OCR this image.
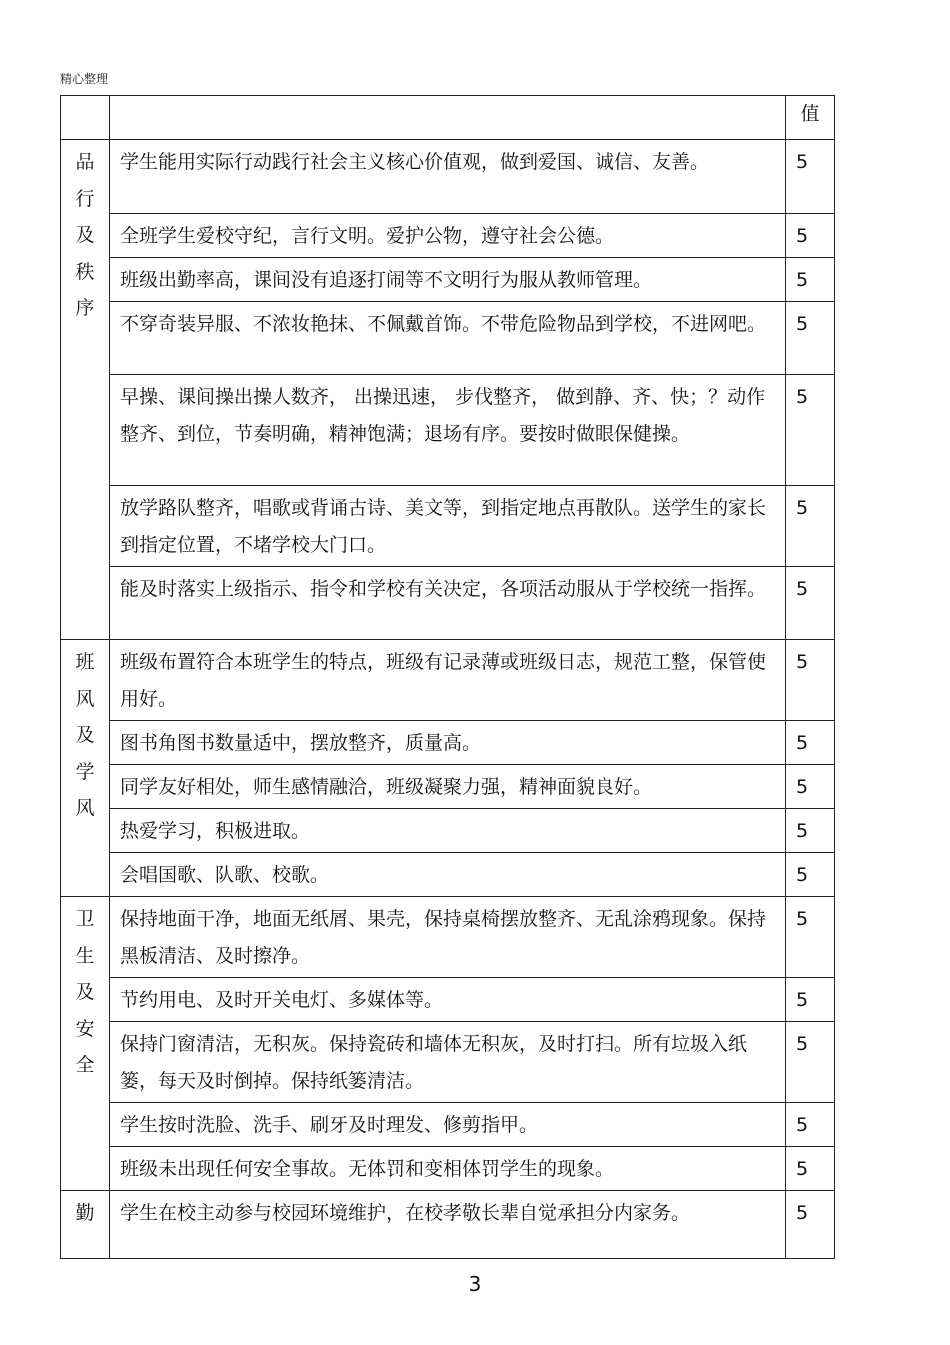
精心整理
		值

品
行
及
秩
序	学生能用实际行动践行社会主义核心价值观，做到爱国、诚信、友善。	5
	全班学生爱校守纪，言行文明。爱护公物，遵守社会公德。	5
	班级出勤率高，课间没有追逐打闹等不文明行为服从教师管理。	5
	不穿奇装异服、不浓妆艳抹、不佩戴首饰。不带危险物品到学校，不进网吧。	5
	早操、课间操出操人数齐， 出操迅速， 步伐整齐， 做到静、齐、快；？动作整齐、到位，节奏明确，精神饱满；退场有序。要按时做眼保健操。	5
	放学路队整齐，唱歌或背诵古诗、美文等，到指定地点再散队。送学生的家长到指定位置，不堵学校大门口。	5
	能及时落实上级指示、指令和学校有关决定，各项活动服从于学校统一指挥。	5

班
风
及
学
风	班级布置符合本班学生的特点，班级有记录薄或班级日志，规范工整，保管使用好。	5
	图书角图书数量适中，摆放整齐，质量高。	5
	同学友好相处，师生感情融洽，班级凝聚力强，精神面貌良好。	5
	热爱学习，积极进取。	5
	会唱国歌、队歌、校歌。	5

卫
生
及
安
全	保持地面干净，地面无纸屑、果壳，保持桌椅摆放整齐、无乱涂鸦现象。保持黑板清洁、及时擦净。	5
	节约用电、及时开关电灯、多媒体等。	5
	保持门窗清洁，无积灰。保持瓷砖和墙体无积灰，及时打扫。所有垃圾入纸篓，每天及时倒掉。保持纸篓清洁。	5
	学生按时洗脸、洗手、刷牙及时理发、修剪指甲。	5
	班级未出现任何安全事故。无体罚和变相体罚学生的现象。	5

勤	学生在校主动参与校园环境维护，在校孝敬长辈自觉承担分内家务。	5
3
